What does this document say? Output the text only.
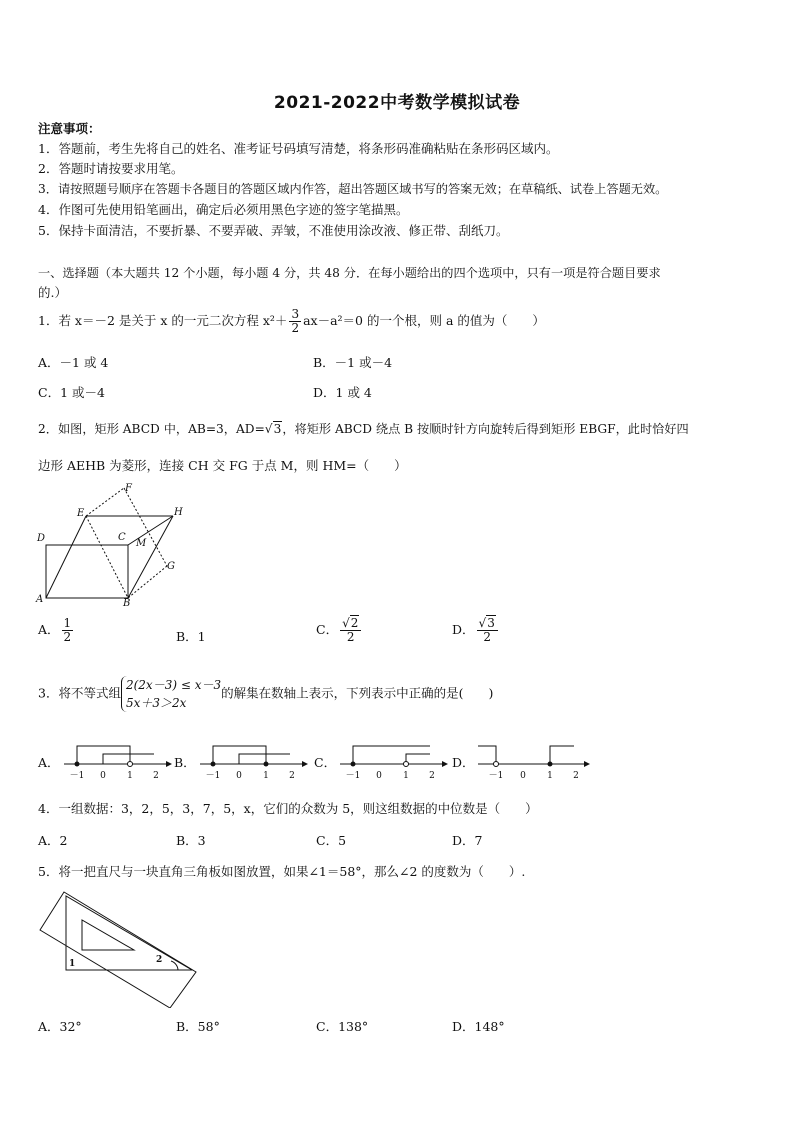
2021-2022中考数学模拟试卷
注意事项：
1．答题前，考生先将自己的姓名、准考证号码填写清楚，将条形码准确粘贴在条形码区域内。
2．答题时请按要求用笔。
3．请按照题号顺序在答题卡各题目的答题区域内作答，超出答题区域书写的答案无效；在草稿纸、试卷上答题无效。
4．作图可先使用铅笔画出，确定后必须用黑色字迹的签字笔描黑。
5．保持卡面清洁，不要折暴、不要弄破、弄皱，不准使用涂改液、修正带、刮纸刀。
一、选择题（本大题共 12 个小题，每小题 4 分，共 48 分．在每小题给出的四个选项中，只有一项是符合题目要求
的.）
1．若 x＝－2 是关于 x 的一元二次方程 $x^2+ \frac{3}{2} ax-a^2=0$ 的一个根，则 a 的值为（　　）
A．－1 或 4	B．－1 或－4
C．1 或－4	D．1 或 4
2．如图，矩形 ABCD 中，AB=3，AD=√3，将矩形 ABCD 绕点 B 按顺时针方向旋转后得到矩形 EBGF，此时恰好四
边形 AEHB 为菱形，连接 CH 交 FG 于点 M，则 HM=（　　）
A	B
C
D
E
F
G
H
M
A． $\frac{1}{2}$	B．1	C． $\frac{√2}{2}$	D． $\frac{√3}{2}$
3．将不等式组
2(2x－3) ≤ x－3
5x＋3＞2x
的解集在数轴上表示，下列表示中正确的是(　　)
A．
－1 0 1 2
B．
－1 0 1 2
C．
－1 0 1 2
D．
－1 0 1 2
4．一组数据：3，2，5，3，7，5，x，它们的众数为 5，则这组数据的中位数是（　　）
A．2	B．3	C．5	D．7
5．将一把直尺与一块直角三角板如图放置，如果∠1＝58°，那么∠2 的度数为（　　）.
1	2
A．32°	B．58°	C．138°	D．148°
